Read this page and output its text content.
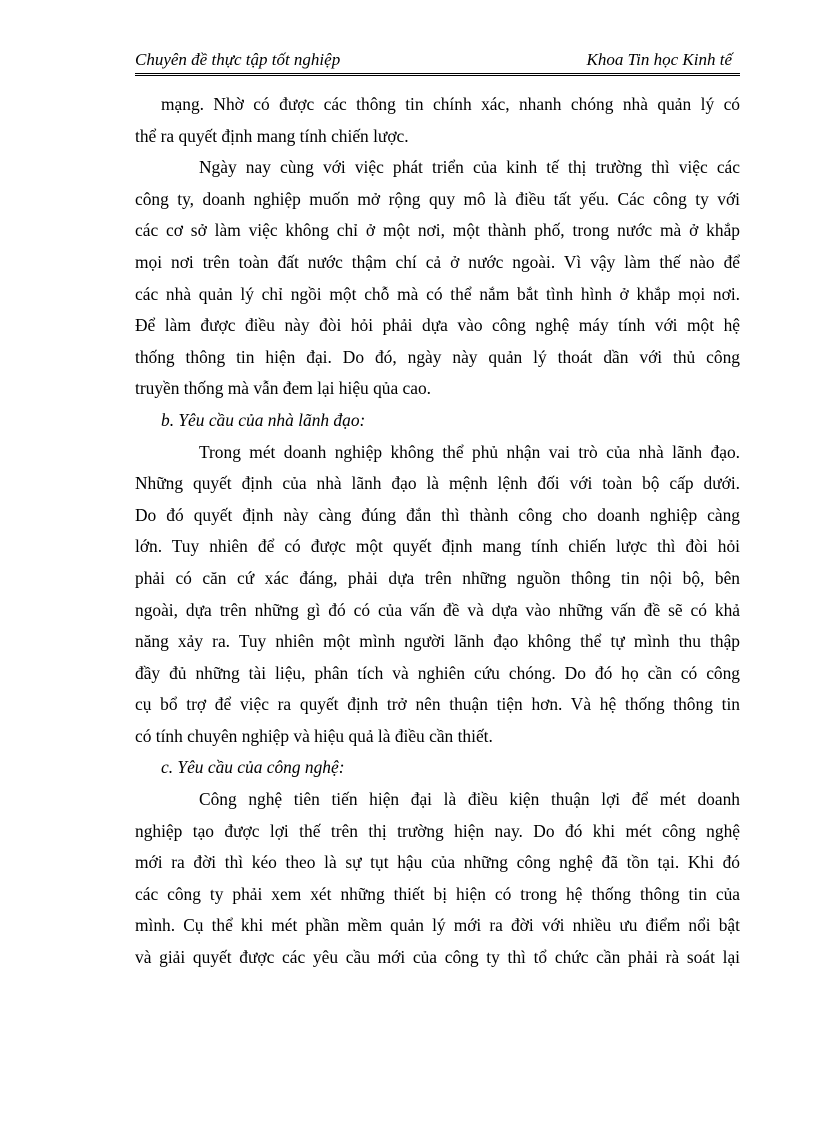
Chuyên đề thực tập tốt nghiệp	Khoa Tin học Kinh tế
mạng. Nhờ có được các thông tin chính xác, nhanh chóng nhà quản lý có
thể ra quyết định mang tính chiến lược.
Ngày nay cùng với việc phát triển của kinh tế thị trường thì việc các
công ty, doanh nghiệp muốn mở rộng quy mô là điều tất yếu. Các công ty với
các cơ sở làm việc không chỉ ở một nơi, một thành phố, trong nước mà ở khắp
mọi nơi trên toàn đất nước thậm chí cả ở nước ngoài. Vì vậy làm thế nào để
các nhà quản lý chỉ ngồi một chỗ mà có thể nắm bắt tình hình ở khắp mọi nơi.
Để làm được điều này đòi hỏi phải dựa vào công nghệ máy tính với một hệ
thống thông tin hiện đại. Do đó, ngày này quản lý thoát dần với thủ công
truyền thống mà vẫn đem lại hiệu qủa cao.
b. Yêu cầu của nhà lãnh đạo:
Trong mét doanh nghiệp không thể phủ nhận vai trò của nhà lãnh đạo.
Những quyết định của nhà lãnh đạo là mệnh lệnh đối với toàn bộ cấp dưới.
Do đó quyết định này càng đúng đắn thì thành công cho doanh nghiệp càng
lớn. Tuy nhiên để có được một quyết định mang tính chiến lược thì đòi hỏi
phải có căn cứ xác đáng, phải dựa trên những nguồn thông tin nội bộ, bên
ngoài, dựa trên những gì đó có của vấn đề và dựa vào những vấn đề sẽ có khả
năng xảy ra. Tuy nhiên một mình người lãnh đạo không thể tự mình thu thập
đầy đủ những tài liệu, phân tích và nghiên cứu chóng. Do đó họ cần có công
cụ bổ trợ để việc ra quyết định trở nên thuận tiện hơn. Và hệ thống thông tin
có tính chuyên nghiệp và hiệu quả là điều cần thiết.
c. Yêu cầu của công nghệ:
Công nghệ tiên tiến hiện đại là điều kiện thuận lợi để mét doanh
nghiệp tạo được lợi thế trên thị trường hiện nay. Do đó khi mét công nghệ
mới ra đời thì kéo theo là sự tụt hậu của những công nghệ đã tồn tại. Khi đó
các công ty phải xem xét những thiết bị hiện có trong hệ thống thông tin của
mình. Cụ thể khi mét phần mềm quản lý mới ra đời với nhiều ưu điểm nổi bật
và giải quyết được các yêu cầu mới của công ty thì tổ chức cần phải rà soát lại
